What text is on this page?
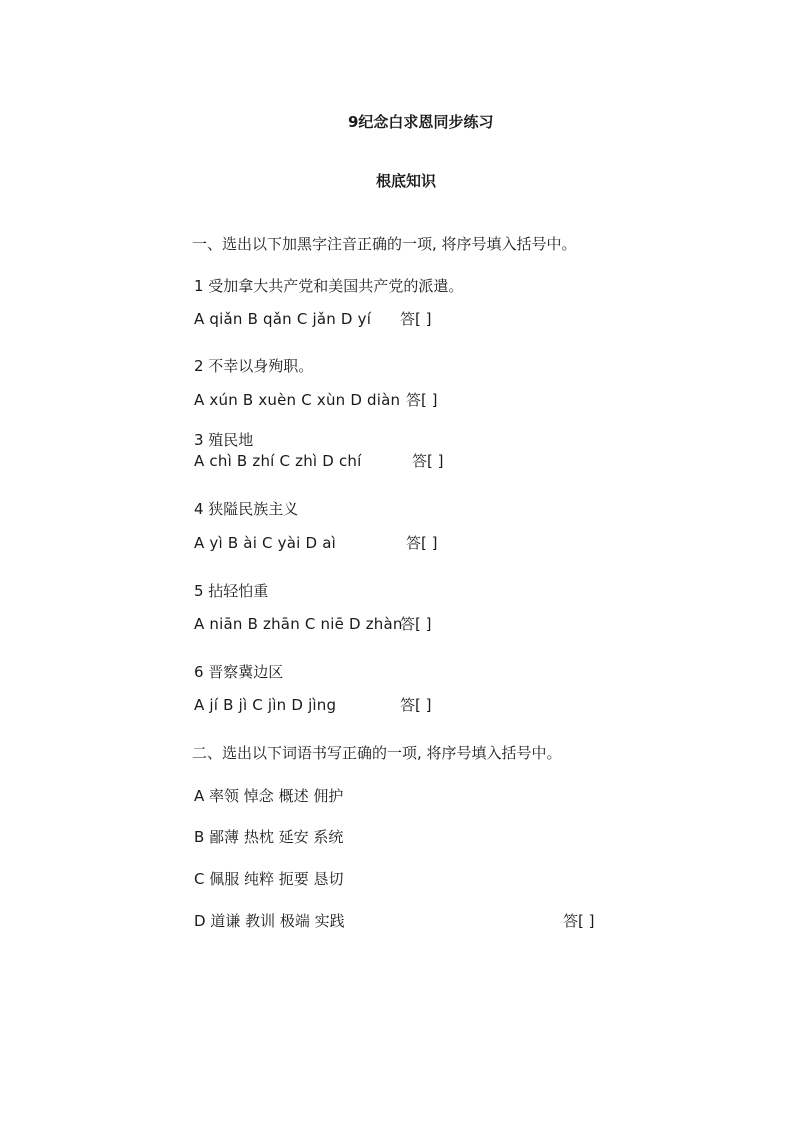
9纪念白求恩同步练习
根底知识
一、选出以下加黑字注音正确的一项, 将序号填入括号中。
1 受加拿大共产党和美国共产党的派遣。
A qiǎn B qǎn C jǎn D yí 答[ ]
2 不幸以身殉职。
A xún B xuèn C xùn D diàn 答[ ]
3 殖民地
A chì B zhí C zhì D chí	答[ ]
4 狭隘民族主义
A yì B ài C yài D aì	答[ ]
5 拈轻怕重
A niān B zhān C niē D zhàn
答[ ]
6 晋察冀边区
A jí B jì C jìn D jìng	答[ ]
二、选出以下词语书写正确的一项, 将序号填入括号中。
A 率领 悼念 概述 佣护
B 鄙薄 热枕 延安 系统
C 佩服 纯粹 扼要 恳切
D 道谦 教训 极端 实践	答[ ]
